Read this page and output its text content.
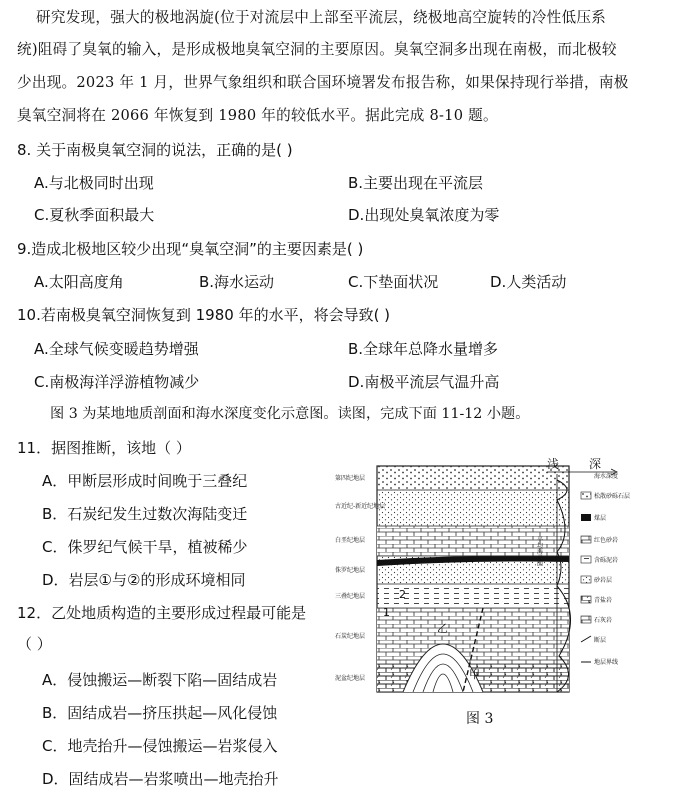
研究发现，强大的极地涡旋(位于对流层中上部至平流层，绕极地高空旋转的冷性低压系
统)阻碍了臭氧的输入，是形成极地臭氧空洞的主要原因。臭氧空洞多出现在南极，而北极较
少出现。2023 年 1 月，世界气象组织和联合国环境署发布报告称，如果保持现行举措，南极
臭氧空洞将在 2066 年恢复到 1980 年的较低水平。据此完成 8-10 题。
8. 关于南极臭氧空洞的说法，正确的是( )
A.与北极同时出现	B.主要出现在平流层
C.夏秋季面积最大	D.出现处臭氧浓度为零
9.造成北极地区较少出现“臭氧空洞”的主要因素是( )
A.太阳高度角	B.海水运动	C.下垫面状况	D.人类活动
10.若南极臭氧空洞恢复到 1980 年的水平，将会导致( )
A.全球气候变暖趋势增强	B.全球年总降水量增多
C.南极海洋浮游植物减少	D.南极平流层气温升高
图 3 为某地地质剖面和海水深度变化示意图。读图，完成下面 11-12 小题。
11．据图推断，该地（ ）
A．甲断层形成时间晚于三叠纪
B．石炭纪发生过数次海陆变迁
C．侏罗纪气候干旱，植被稀少
D．岩层①与②的形成环境相同
12．乙处地质构造的主要形成过程最可能是
（ ）
A．侵蚀搬运—断裂下陷—固结成岩
B．固结成岩—挤压拱起—风化侵蚀
C．地壳抬升—侵蚀搬运—岩浆侵入
D．固结成岩—岩浆喷出—地壳抬升
第四纪地层
古近纪-新近纪地层
白垩纪地层
侏罗纪地层
三叠纪地层
石炭纪地层
泥盆纪地层
1
2
乙
甲
浅 深
海水深度
平均海平面
松散砂砾石层
煤层
红色砂岩
含砾泥岩
砂岩层
青盐岩
石灰岩
断层
地层界线
图 3
